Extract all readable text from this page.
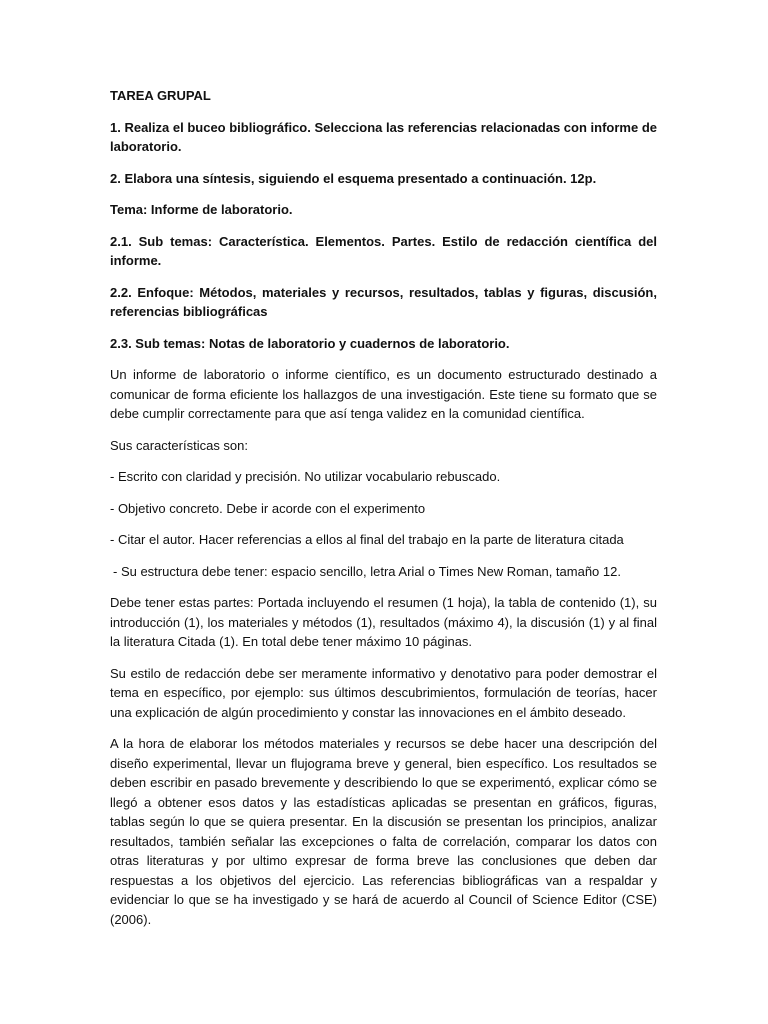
TAREA GRUPAL
1. Realiza el buceo bibliográfico. Selecciona las referencias relacionadas con informe de laboratorio.
2. Elabora una síntesis, siguiendo el esquema presentado a continuación. 12p.
Tema: Informe de laboratorio.
2.1. Sub temas: Característica. Elementos. Partes. Estilo de redacción científica del informe.
2.2. Enfoque: Métodos, materiales y recursos, resultados, tablas y figuras, discusión, referencias bibliográficas
2.3. Sub temas: Notas de laboratorio y cuadernos de laboratorio.
Un informe de laboratorio o informe científico, es un documento estructurado destinado a comunicar de forma eficiente los hallazgos de una investigación. Este tiene su formato que se debe cumplir correctamente para que así tenga validez en la comunidad científica.
Sus características son:
- Escrito con claridad y precisión. No utilizar vocabulario rebuscado.
- Objetivo concreto. Debe ir acorde con el experimento
- Citar el autor. Hacer referencias a ellos al final del trabajo en la parte de literatura citada
- Su estructura debe tener: espacio sencillo, letra Arial o Times New Roman, tamaño 12.
Debe tener estas partes: Portada incluyendo el resumen (1 hoja), la tabla de contenido (1), su introducción (1), los materiales y métodos (1), resultados (máximo 4), la discusión (1) y al final la literatura Citada (1). En total debe tener máximo 10 páginas.
Su estilo de redacción debe ser meramente informativo y denotativo para poder demostrar el tema en específico, por ejemplo: sus últimos descubrimientos, formulación de teorías, hacer una explicación de algún procedimiento y constar las innovaciones en el ámbito deseado.
A la hora de elaborar los métodos materiales y recursos se debe hacer una descripción del diseño experimental, llevar un flujograma breve y general, bien específico. Los resultados se deben escribir en pasado brevemente y describiendo lo que se experimentó, explicar cómo se llegó a obtener esos datos y las estadísticas aplicadas se presentan en gráficos, figuras, tablas según lo que se quiera presentar. En la discusión se presentan los principios, analizar resultados, también señalar las excepciones o falta de correlación, comparar los datos con otras literaturas y por ultimo expresar de forma breve las conclusiones que deben dar respuestas a los objetivos del ejercicio. Las referencias bibliográficas van a respaldar y evidenciar lo que se ha investigado y se hará de acuerdo al Council of Science Editor (CSE) (2006).
